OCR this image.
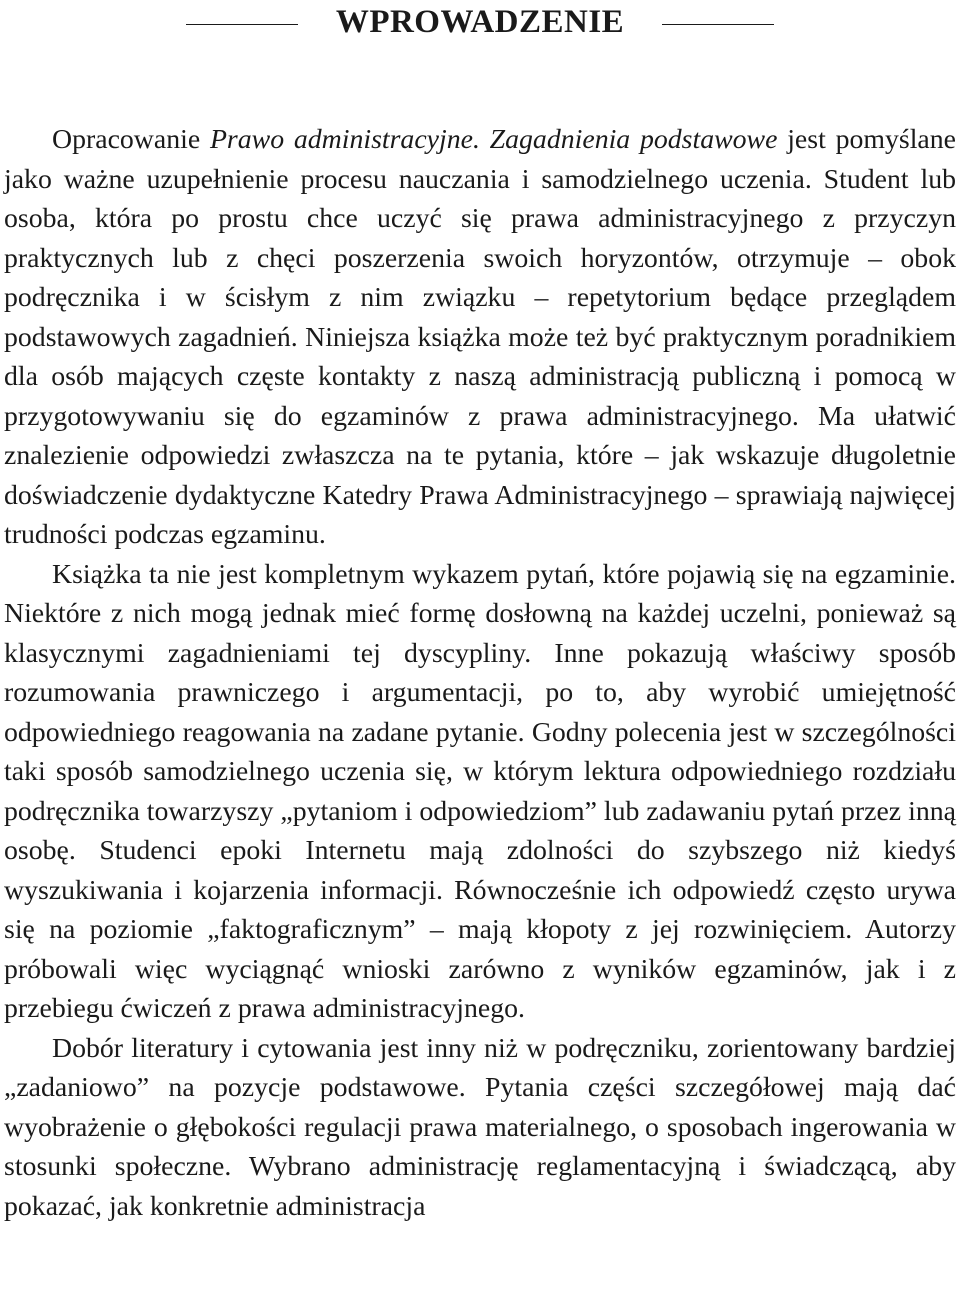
WPROWADZENIE

Opracowanie Prawo administracyjne. Zagadnienia podstawowe jest pomyślane jako ważne uzupełnienie procesu nauczania i samodzielnego uczenia. Student lub osoba, która po prostu chce uczyć się prawa administracyjnego z przyczyn praktycznych lub z chęci poszerzenia swoich horyzontów, otrzymuje – obok podręcznika i w ścisłym z nim związku – repetytorium będące przeglądem podstawowych zagadnień. Niniejsza książka może też być praktycznym poradnikiem dla osób mających częste kontakty z naszą administracją publiczną i pomocą w przygotowywaniu się do egzaminów z prawa administracyjnego. Ma ułatwić znalezienie odpowiedzi zwłaszcza na te pytania, które – jak wskazuje długoletnie doświadczenie dydaktyczne Katedry Prawa Administracyjnego – sprawiają najwięcej trudności podczas egzaminu.

Książka ta nie jest kompletnym wykazem pytań, które pojawią się na egzaminie. Niektóre z nich mogą jednak mieć formę dosłowną na każdej uczelni, ponieważ są klasycznymi zagadnieniami tej dyscypliny. Inne pokazują właściwy sposób rozumowania prawniczego i argumentacji, po to, aby wyrobić umiejętność odpowiedniego reagowania na zadane pytanie. Godny polecenia jest w szczególności taki sposób samodzielnego uczenia się, w którym lektura odpowiedniego rozdziału podręcznika towarzyszy „pytaniom i odpowiedziom” lub zadawaniu pytań przez inną osobę. Studenci epoki Internetu mają zdolności do szybszego niż kiedyś wyszukiwania i kojarzenia informacji. Równocześnie ich odpowiedź często urywa się na poziomie „faktograficznym” – mają kłopoty z jej rozwinięciem. Autorzy próbowali więc wyciągnąć wnioski zarówno z wyników egzaminów, jak i z przebiegu ćwiczeń z prawa administracyjnego.

Dobór literatury i cytowania jest inny niż w podręczniku, zorientowany bardziej „zadaniowo” na pozycje podstawowe. Pytania części szczegółowej mają dać wyobrażenie o głębokości regulacji prawa materialnego, o sposobach ingerowania w stosunki społeczne. Wybrano administrację reglamentacyjną i świadczącą, aby pokazać, jak konkretnie administracja
